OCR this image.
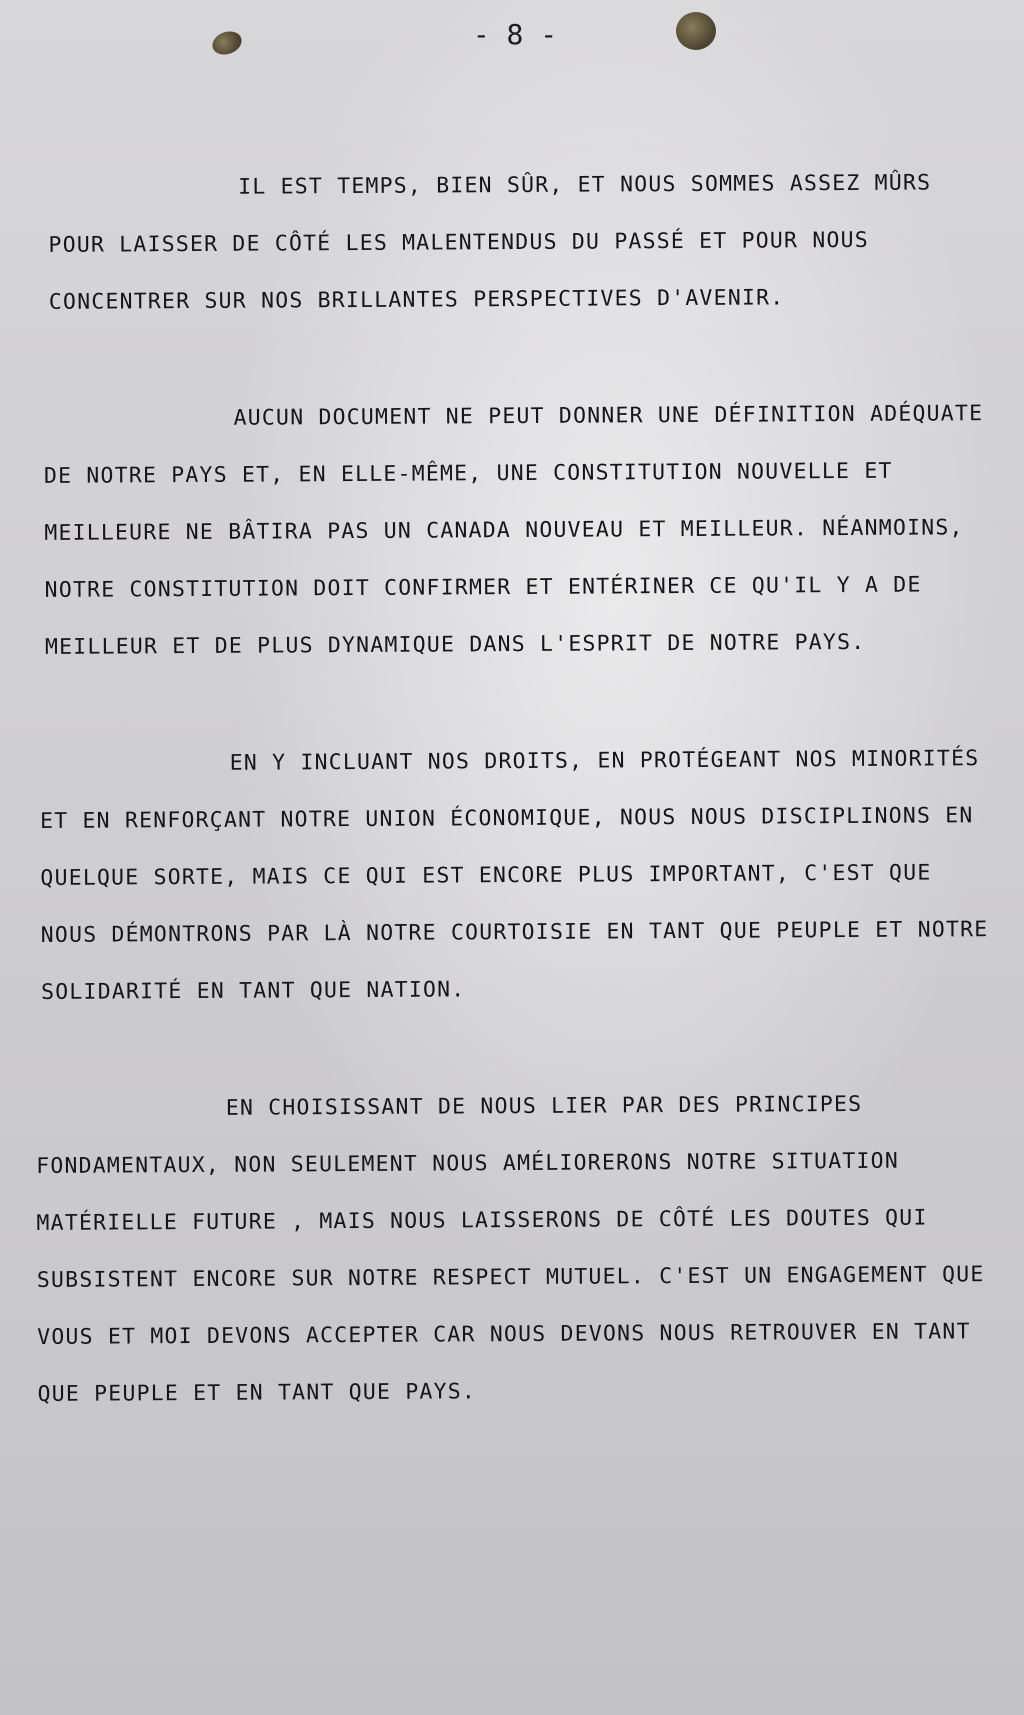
- 8 -

IL EST TEMPS, BIEN SÛR, ET NOUS SOMMES ASSEZ MÛRS POUR LAISSER DE CÔTÉ LES MALENTENDUS DU PASSÉ ET POUR NOUS CONCENTRER SUR NOS BRILLANTES PERSPECTIVES D'AVENIR.

AUCUN DOCUMENT NE PEUT DONNER UNE DÉFINITION ADÉQUATE DE NOTRE PAYS ET, EN ELLE-MÊME, UNE CONSTITUTION NOUVELLE ET MEILLEURE NE BÂTIRA PAS UN CANADA NOUVEAU ET MEILLEUR. NÉANMOINS, NOTRE CONSTITUTION DOIT CONFIRMER ET ENTÉRINER CE QU'IL Y A DE MEILLEUR ET DE PLUS DYNAMIQUE DANS L'ESPRIT DE NOTRE PAYS.

EN Y INCLUANT NOS DROITS, EN PROTÉGEANT NOS MINORITÉS ET EN RENFORÇANT NOTRE UNION ÉCONOMIQUE, NOUS NOUS DISCIPLINONS EN QUELQUE SORTE, MAIS CE QUI EST ENCORE PLUS IMPORTANT, C'EST QUE NOUS DÉMONTRONS PAR LÀ NOTRE COURTOISIE EN TANT QUE PEUPLE ET NOTRE SOLIDARITÉ EN TANT QUE NATION.

EN CHOISISSANT DE NOUS LIER PAR DES PRINCIPES FONDAMENTAUX, NON SEULEMENT NOUS AMÉLIORERONS NOTRE SITUATION MATÉRIELLE FUTURE , MAIS NOUS LAISSERONS DE CÔTÉ LES DOUTES QUI SUBSISTENT ENCORE SUR NOTRE RESPECT MUTUEL. C'EST UN ENGAGEMENT QUE VOUS ET MOI DEVONS ACCEPTER CAR NOUS DEVONS NOUS RETROUVER EN TANT QUE PEUPLE ET EN TANT QUE PAYS.
